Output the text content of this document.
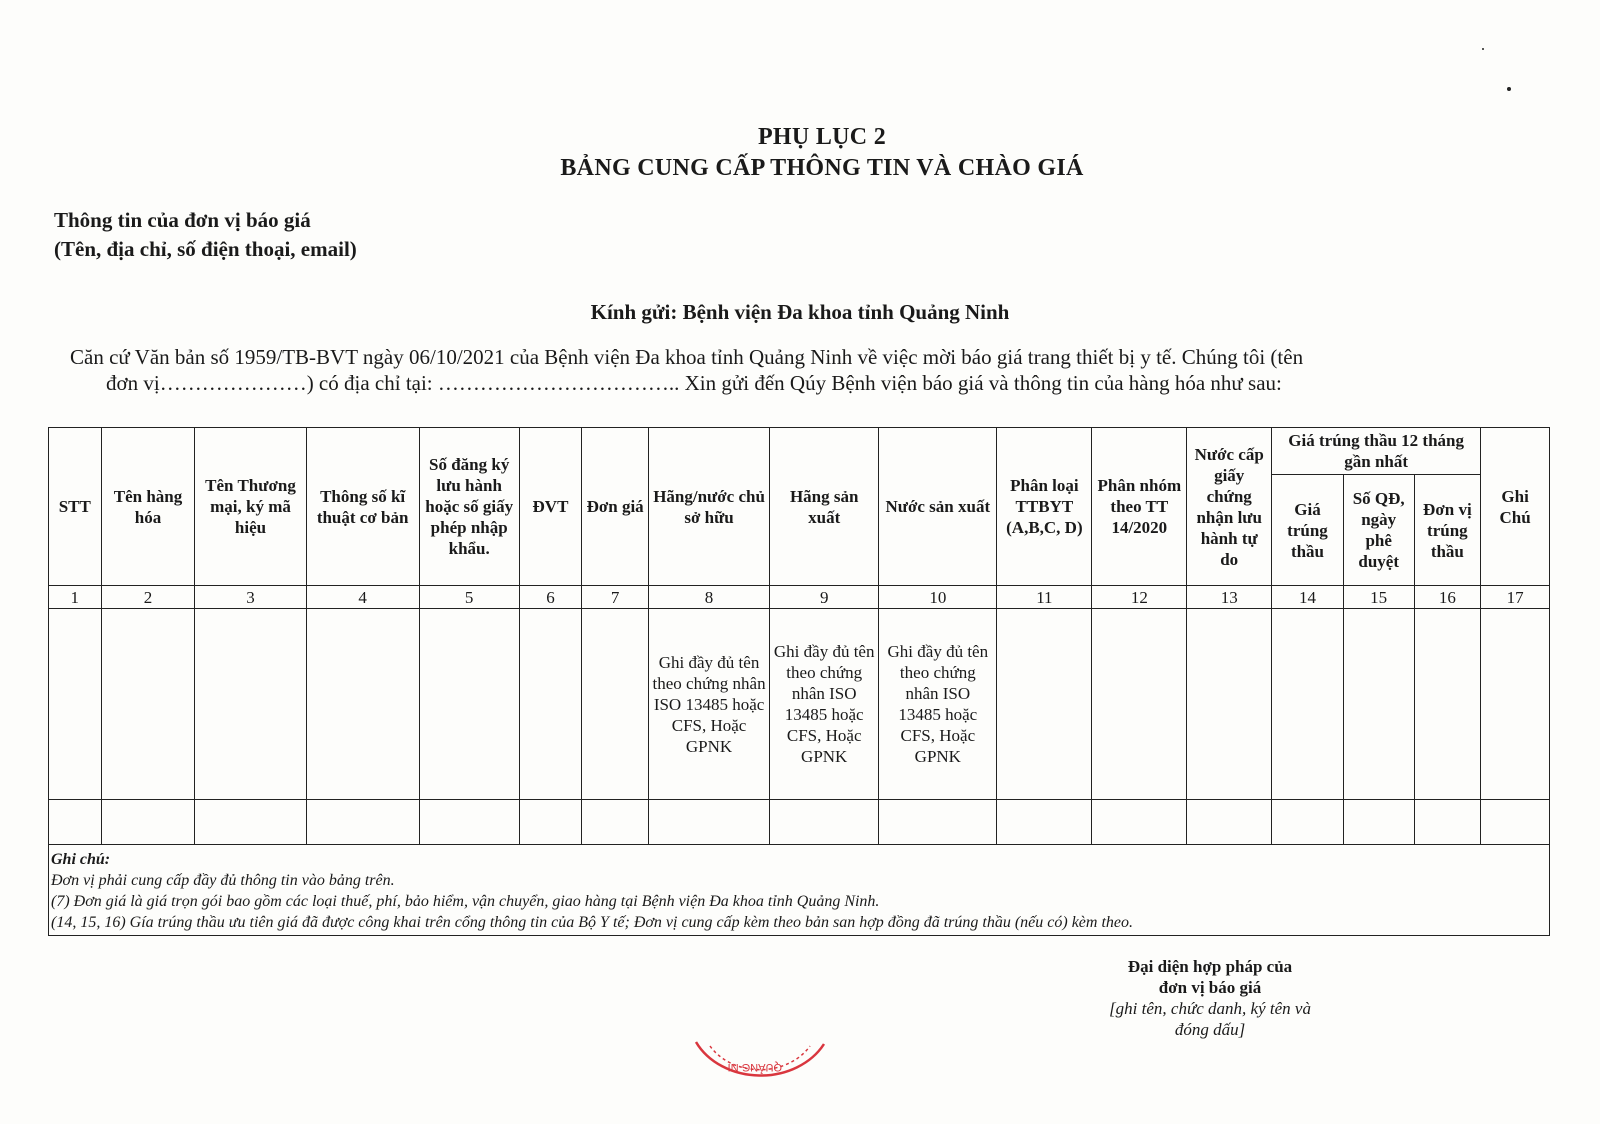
PHỤ LỤC 2
BẢNG CUNG CẤP THÔNG TIN VÀ CHÀO GIÁ
Thông tin của đơn vị báo giá
(Tên, địa chỉ, số điện thoại, email)
Kính gửi: Bệnh viện Đa khoa tỉnh Quảng Ninh
Căn cứ Văn bản số 1959/TB-BVT ngày 06/10/2021 của Bệnh viện Đa khoa tỉnh Quảng Ninh về việc mời báo giá trang thiết bị y tế. Chúng tôi (tên
đơn vị…………………) có địa chỉ tại: …………………………….. Xin gửi đến Qúy Bệnh viện báo giá và thông tin của hàng hóa như sau:
STT	Tên hàng hóa	Tên Thương mại, ký mã hiệu	Thông số kĩ thuật cơ bản	Số đăng ký lưu hành hoặc số giấy phép nhập khẩu.	ĐVT	Đơn giá	Hãng/nước chủ sở hữu	Hãng sản xuất	Nước sản xuất	Phân loại TTBYT (A,B,C, D)	Phân nhóm theo TT 14/2020	Nước cấp giấy chứng nhận lưu hành tự do	Giá trúng thầu 12 tháng gần nhất			Ghi Chú
													Giá trúng thầu	Số QĐ, ngày phê duyệt	Đơn vị trúng thầu	
1	2	3	4	5	6	7	8	9	10	11	12	13	14	15	16	17
							Ghi đầy đủ tên theo chứng nhân ISO 13485 hoặc CFS, Hoặc GPNK	Ghi đầy đủ tên theo chứng nhân ISO 13485 hoặc CFS, Hoặc GPNK	Ghi đầy đủ tên theo chứng nhân ISO 13485 hoặc CFS, Hoặc GPNK							

Ghi chú:
Đơn vị phải cung cấp đầy đủ thông tin vào bảng trên.
(7) Đơn giá là giá trọn gói bao gồm các loại thuế, phí, bảo hiểm, vận chuyển, giao hàng tại Bệnh viện Đa khoa tỉnh Quảng Ninh.
(14, 15, 16) Gía trúng thầu ưu tiên giá đã được công khai trên cổng thông tin của Bộ Y tế; Đơn vị cung cấp kèm theo bản san hợp đồng đã trúng thầu (nếu có) kèm theo.																
Đại diện hợp pháp của
đơn vị báo giá
[ghi tên, chức danh, ký tên và
đóng dấu]
QUẢNG NI
